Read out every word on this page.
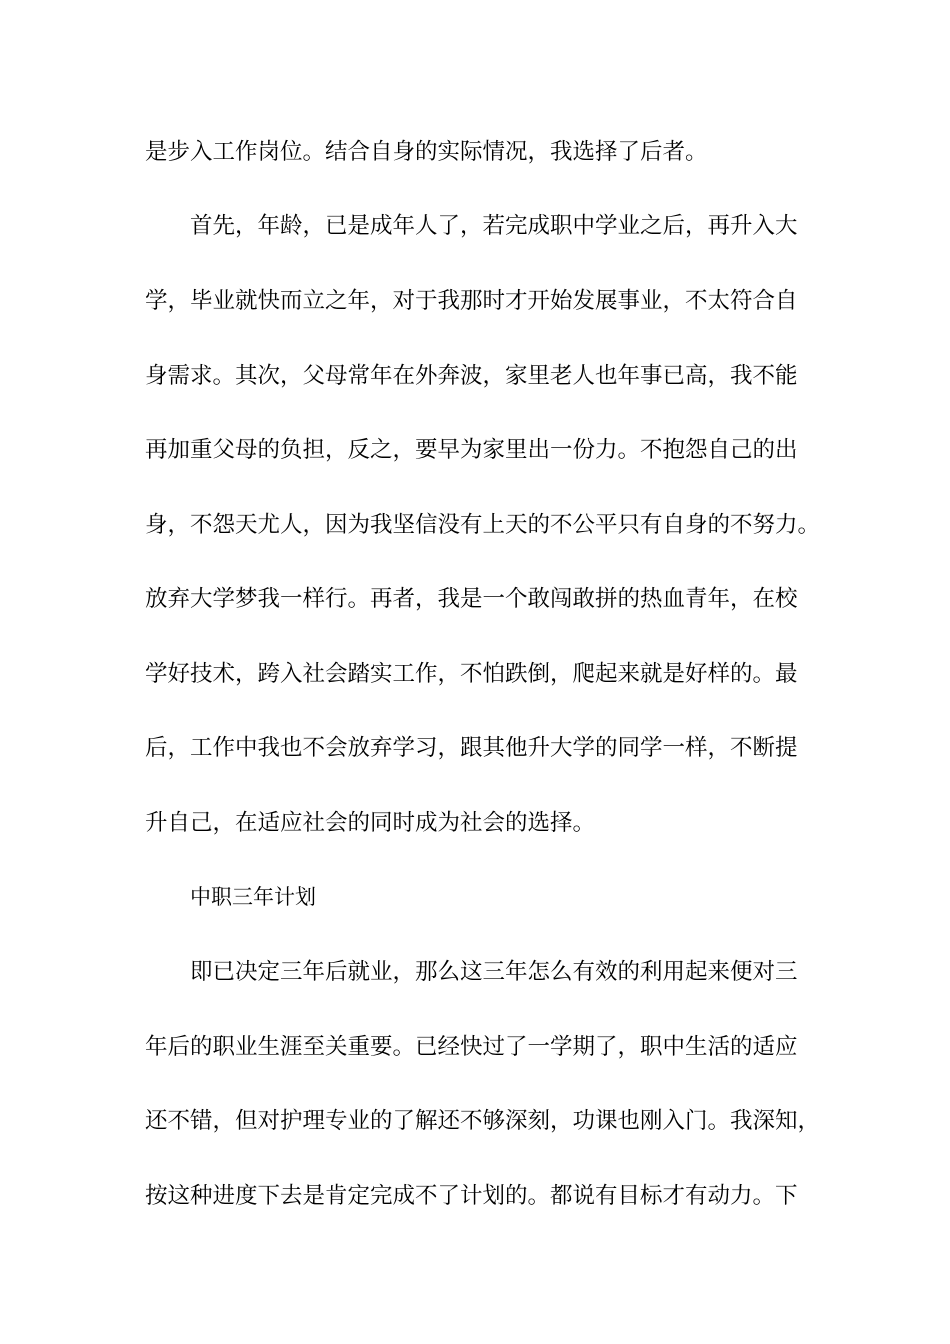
是步入工作岗位。结合自身的实际情况，我选择了后者。
首先，年龄，已是成年人了，若完成职中学业之后，再升入大
学，毕业就快而立之年，对于我那时才开始发展事业，不太符合自
身需求。其次，父母常年在外奔波，家里老人也年事已高，我不能
再加重父母的负担，反之，要早为家里出一份力。不抱怨自己的出
身，不怨天尤人，因为我坚信没有上天的不公平只有自身的不努力。
放弃大学梦我一样行。再者，我是一个敢闯敢拼的热血青年，在校
学好技术，跨入社会踏实工作，不怕跌倒，爬起来就是好样的。最
后，工作中我也不会放弃学习，跟其他升大学的同学一样，不断提
升自己，在适应社会的同时成为社会的选择。
中职三年计划
即已决定三年后就业，那么这三年怎么有效的利用起来便对三
年后的职业生涯至关重要。已经快过了一学期了，职中生活的适应
还不错，但对护理专业的了解还不够深刻，功课也刚入门。我深知，
按这种进度下去是肯定完成不了计划的。都说有目标才有动力。下
